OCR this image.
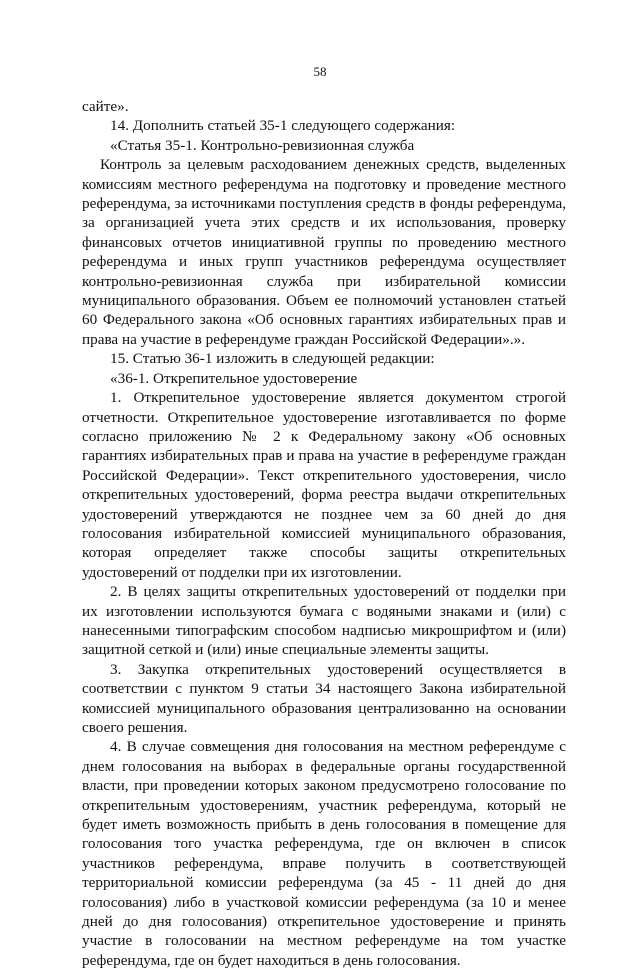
58

сайте».

14. Дополнить статьей 35-1 следующего содержания:

«Статья 35-1. Контрольно-ревизионная служба

Контроль за целевым расходованием денежных средств, выделенных комиссиям местного референдума на подготовку и проведение местного референдума, за источниками поступления средств в фонды референдума, за организацией учета этих средств и их использования, проверку финансовых отчетов инициативной группы по проведению местного референдума и иных групп участников референдума осуществляет контрольно-ревизионная служба при избирательной комиссии муниципального образования. Объем ее полномочий установлен статьей 60 Федерального закона «Об основных гарантиях избирательных прав и права на участие в референдуме граждан Российской Федерации».».

15. Статью 36-1 изложить в следующей редакции:

«36-1. Открепительное удостоверение

1. Открепительное удостоверение является документом строгой отчетности. Открепительное удостоверение изготавливается по форме согласно приложению № 2 к Федеральному закону «Об основных гарантиях избирательных прав и права на участие в референдуме граждан Российской Федерации». Текст открепительного удостоверения, число открепительных удостоверений, форма реестра выдачи открепительных удостоверений утверждаются не позднее чем за 60 дней до дня голосования избирательной комиссией муниципального образования, которая определяет также способы защиты открепительных удостоверений от подделки при их изготовлении.

2. В целях защиты открепительных удостоверений от подделки при их изготовлении используются бумага с водяными знаками и (или) с нанесенными типографским способом надписью микрошрифтом и (или) защитной сеткой и (или) иные специальные элементы защиты.

3. Закупка открепительных удостоверений осуществляется в соответствии с пунктом 9 статьи 34 настоящего Закона избирательной комиссией муниципального образования централизованно на основании своего решения.

4. В случае совмещения дня голосования на местном референдуме с днем голосования на выборах в федеральные органы государственной власти, при проведении которых законом предусмотрено голосование по открепительным удостоверениям, участник референдума, который не будет иметь возможность прибыть в день голосования в помещение для голосования того участка референдума, где он включен в список участников референдума, вправе получить в соответствующей территориальной комиссии референдума (за 45 - 11 дней до дня голосования) либо в участковой комиссии референдума (за 10 и менее дней до дня голосования) открепительное удостоверение и принять участие в голосовании на местном референдуме на том участке референдума, где он будет находиться в день голосования.
